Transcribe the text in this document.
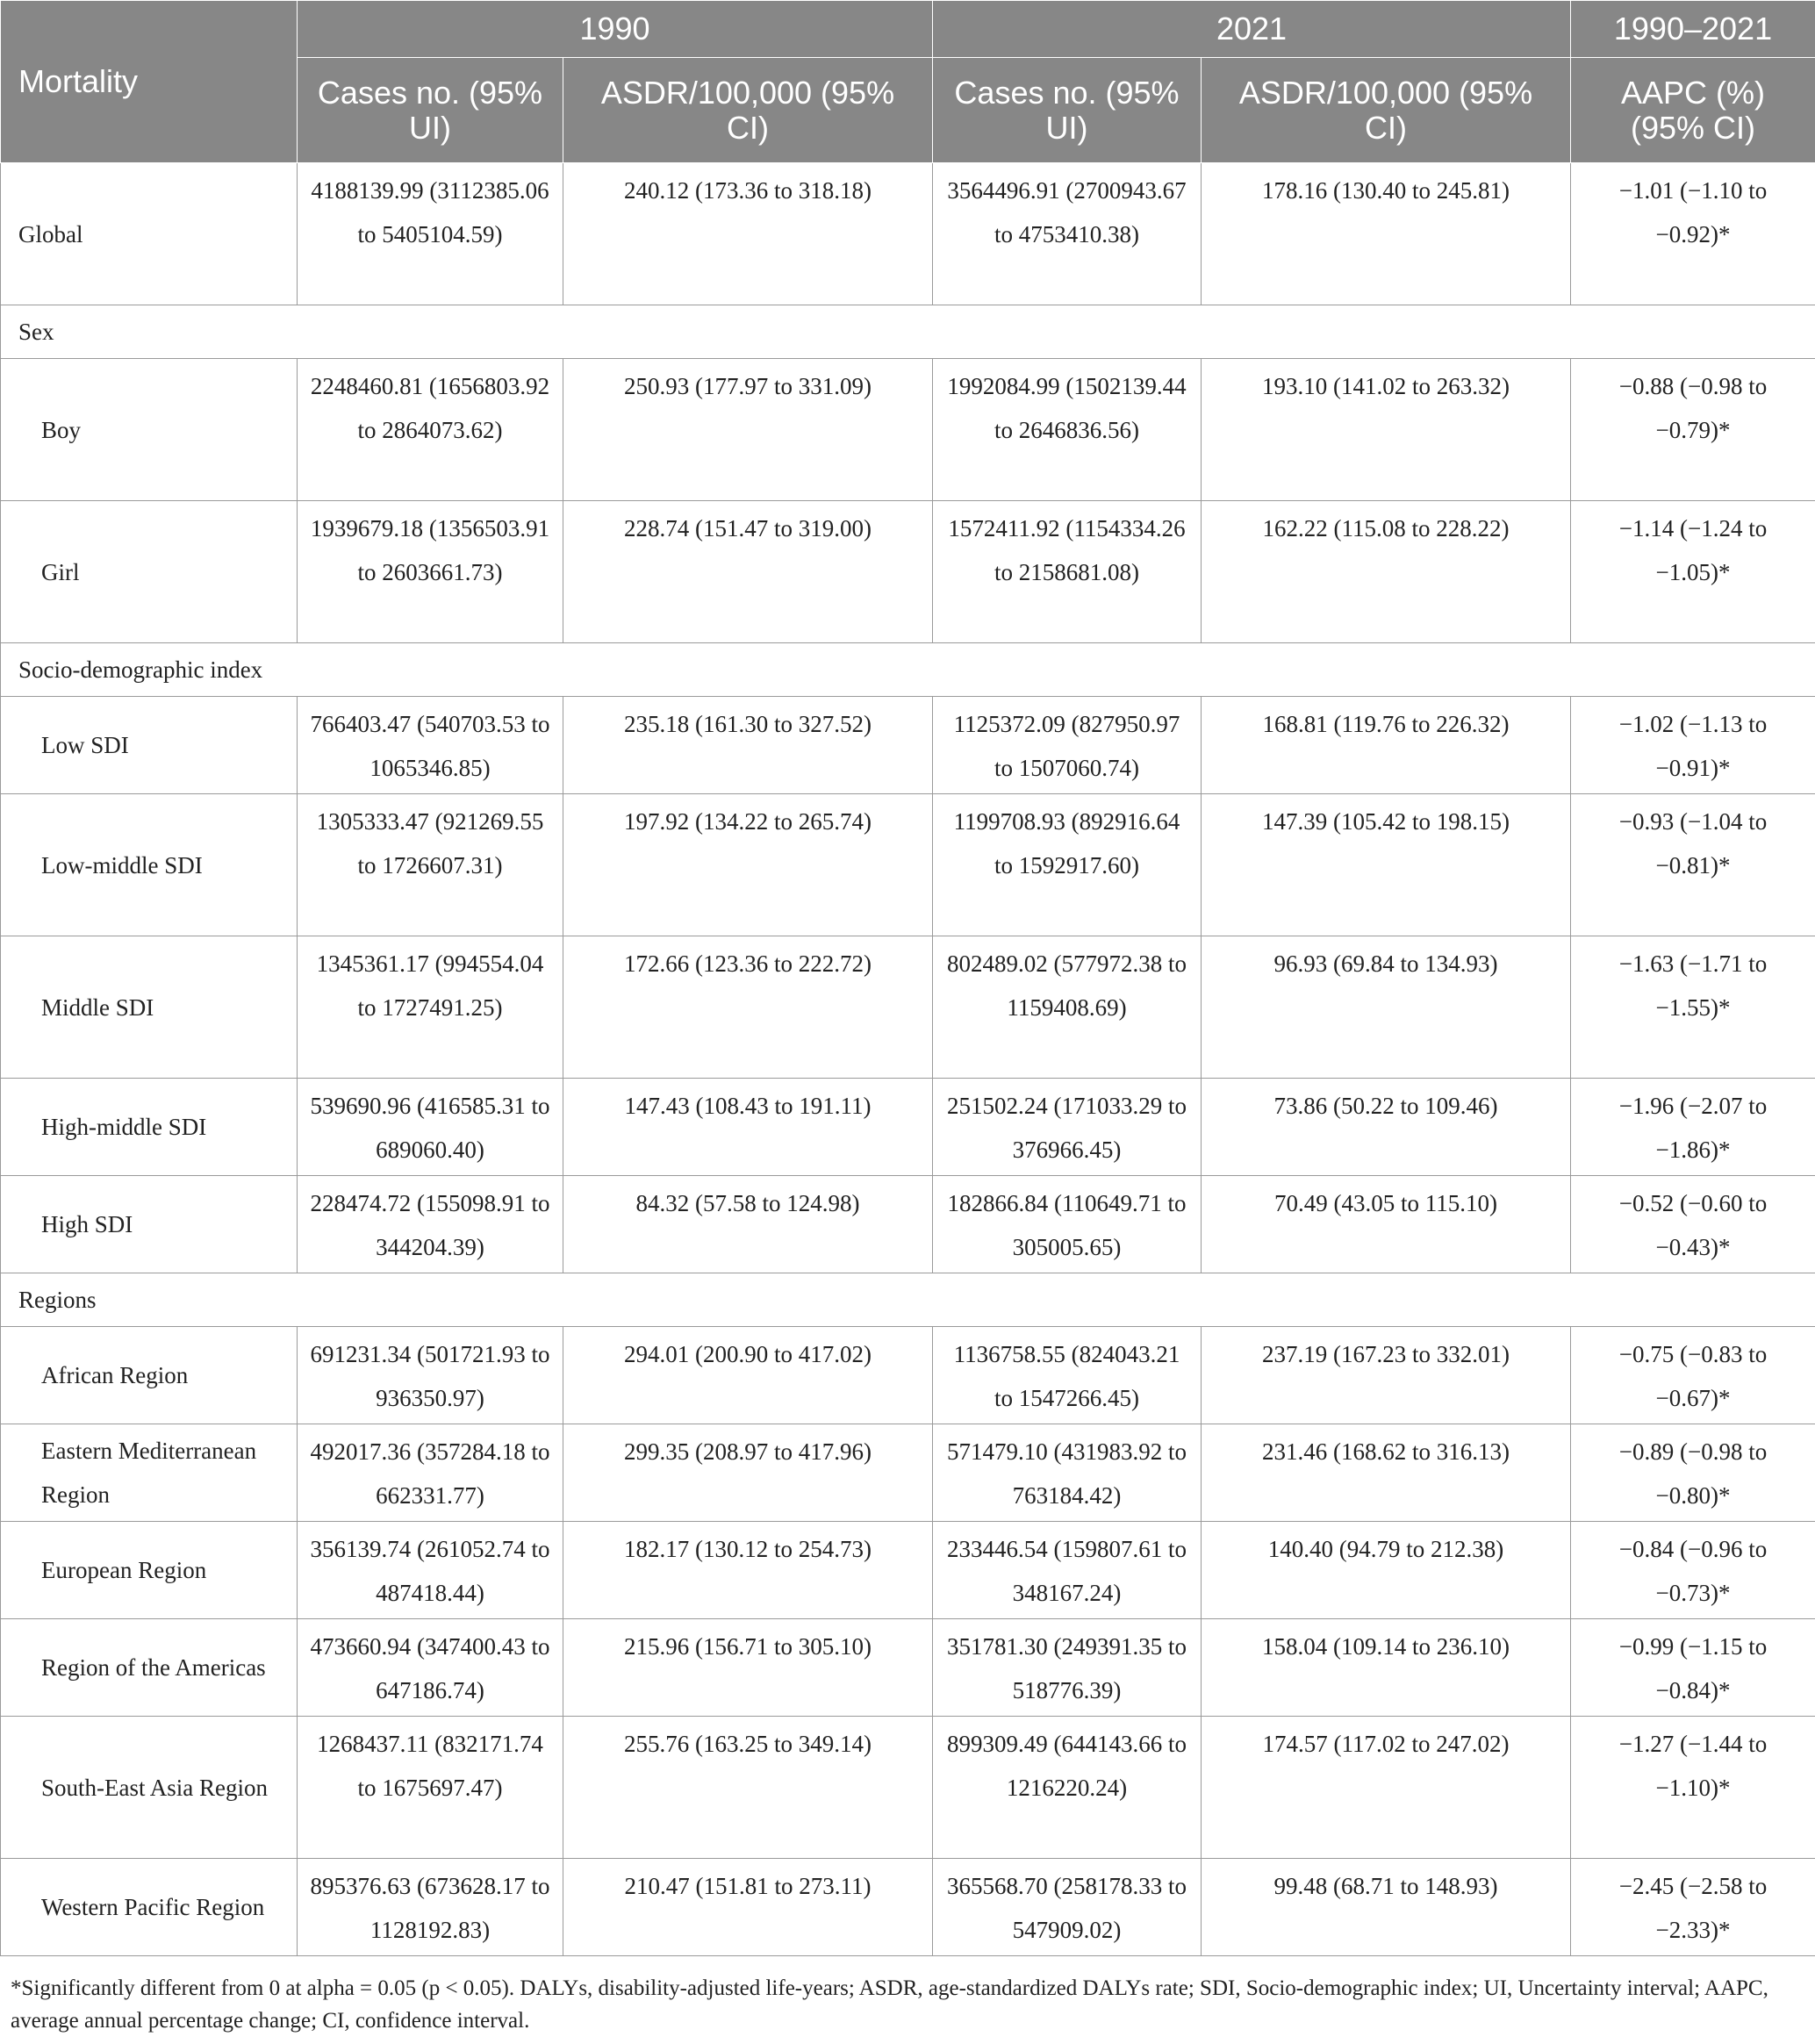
Mortality	1990		2021		1990–2021
	Cases no. (95% UI)	ASDR/100,000 (95% CI)	Cases no. (95% UI)	ASDR/100,000 (95% CI)	AAPC (%) (95% CI)
Global	4188139.99 (3112385.06 to 5405104.59)	240.12 (173.36 to 318.18)	3564496.91 (2700943.67 to 4753410.38)	178.16 (130.40 to 245.81)	−1.01 (−1.10 to −0.92)*
Sex					
Boy	2248460.81 (1656803.92 to 2864073.62)	250.93 (177.97 to 331.09)	1992084.99 (1502139.44 to 2646836.56)	193.10 (141.02 to 263.32)	−0.88 (−0.98 to −0.79)*
Girl	1939679.18 (1356503.91 to 2603661.73)	228.74 (151.47 to 319.00)	1572411.92 (1154334.26 to 2158681.08)	162.22 (115.08 to 228.22)	−1.14 (−1.24 to −1.05)*
Socio-demographic index					
Low SDI	766403.47 (540703.53 to 1065346.85)	235.18 (161.30 to 327.52)	1125372.09 (827950.97 to 1507060.74)	168.81 (119.76 to 226.32)	−1.02 (−1.13 to −0.91)*
Low-middle SDI	1305333.47 (921269.55 to 1726607.31)	197.92 (134.22 to 265.74)	1199708.93 (892916.64 to 1592917.60)	147.39 (105.42 to 198.15)	−0.93 (−1.04 to −0.81)*
Middle SDI	1345361.17 (994554.04 to 1727491.25)	172.66 (123.36 to 222.72)	802489.02 (577972.38 to 1159408.69)	96.93 (69.84 to 134.93)	−1.63 (−1.71 to −1.55)*
High-middle SDI	539690.96 (416585.31 to 689060.40)	147.43 (108.43 to 191.11)	251502.24 (171033.29 to 376966.45)	73.86 (50.22 to 109.46)	−1.96 (−2.07 to −1.86)*
High SDI	228474.72 (155098.91 to 344204.39)	84.32 (57.58 to 124.98)	182866.84 (110649.71 to 305005.65)	70.49 (43.05 to 115.10)	−0.52 (−0.60 to −0.43)*
Regions					
African Region	691231.34 (501721.93 to 936350.97)	294.01 (200.90 to 417.02)	1136758.55 (824043.21 to 1547266.45)	237.19 (167.23 to 332.01)	−0.75 (−0.83 to −0.67)*
Eastern Mediterranean Region	492017.36 (357284.18 to 662331.77)	299.35 (208.97 to 417.96)	571479.10 (431983.92 to 763184.42)	231.46 (168.62 to 316.13)	−0.89 (−0.98 to −0.80)*
European Region	356139.74 (261052.74 to 487418.44)	182.17 (130.12 to 254.73)	233446.54 (159807.61 to 348167.24)	140.40 (94.79 to 212.38)	−0.84 (−0.96 to −0.73)*
Region of the Americas	473660.94 (347400.43 to 647186.74)	215.96 (156.71 to 305.10)	351781.30 (249391.35 to 518776.39)	158.04 (109.14 to 236.10)	−0.99 (−1.15 to −0.84)*
South-East Asia Region	1268437.11 (832171.74 to 1675697.47)	255.76 (163.25 to 349.14)	899309.49 (644143.66 to 1216220.24)	174.57 (117.02 to 247.02)	−1.27 (−1.44 to −1.10)*
Western Pacific Region	895376.63 (673628.17 to 1128192.83)	210.47 (151.81 to 273.11)	365568.70 (258178.33 to 547909.02)	99.48 (68.71 to 148.93)	−2.45 (−2.58 to −2.33)*
*Significantly different from 0 at alpha = 0.05 (p < 0.05). DALYs, disability-adjusted life-years; ASDR, age-standardized DALYs rate; SDI, Socio-demographic index; UI, Uncertainty interval; AAPC, average annual percentage change; CI, confidence interval.
